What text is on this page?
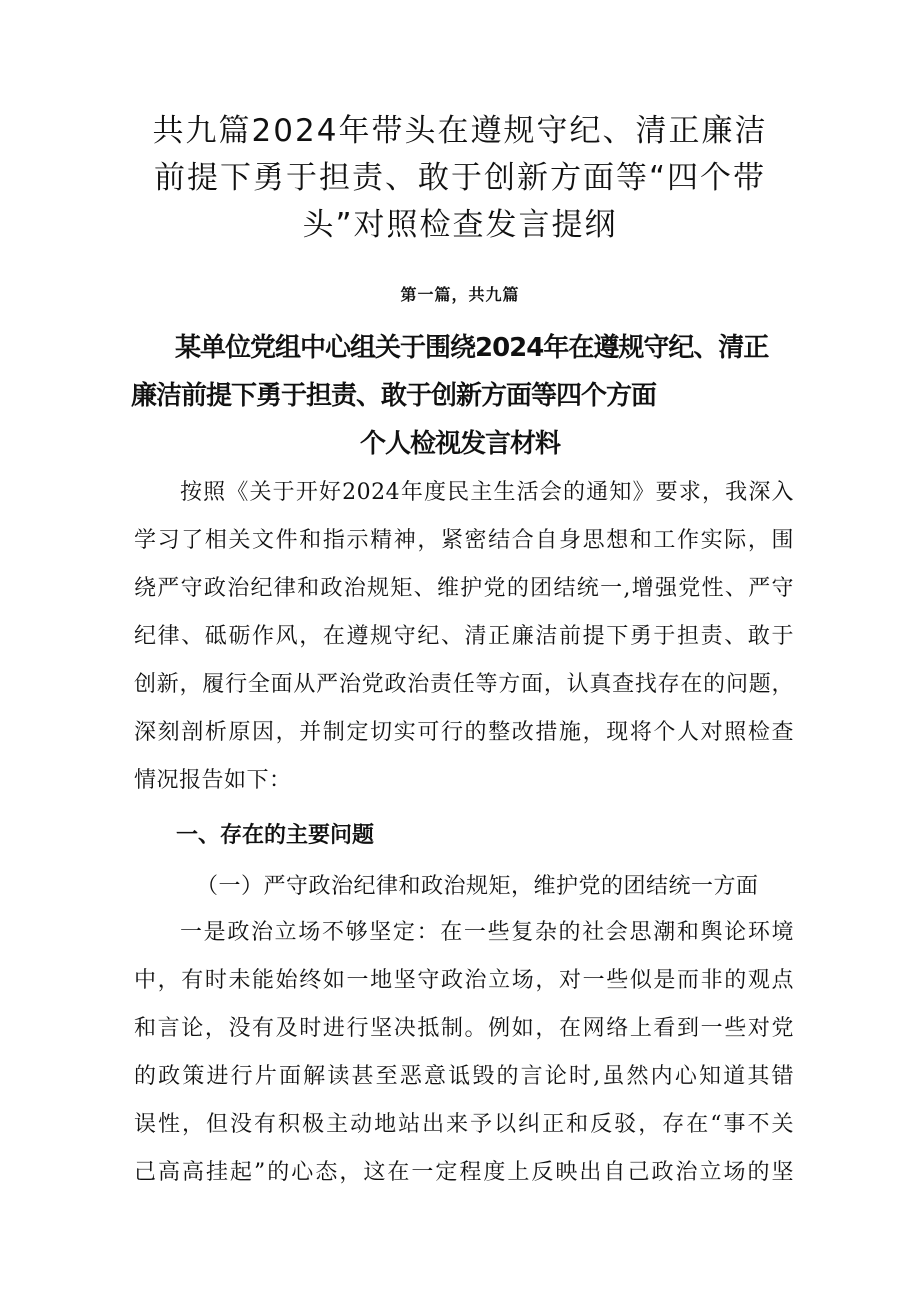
共九篇2024年带头在遵规守纪、清正廉洁
前提下勇于担责、敢于创新方面等“四个带
头”对照检查发言提纲
第一篇，共九篇
某单位党组中心组关于围绕2024年在遵规守纪、清正
廉洁前提下勇于担责、敢于创新方面等四个方面
个人检视发言材料
按照《关于开好2024年度民主生活会的通知》要求，我深入
学习了相关文件和指示精神，紧密结合自身思想和工作实际，围
绕严守政治纪律和政治规矩、维护党的团结统一,增强党性、严守
纪律、砥砺作风，在遵规守纪、清正廉洁前提下勇于担责、敢于
创新，履行全面从严治党政治责任等方面，认真查找存在的问题，
深刻剖析原因，并制定切实可行的整改措施，现将个人对照检查
情况报告如下：
一、存在的主要问题
（一）严守政治纪律和政治规矩，维护党的团结统一方面
一是政治立场不够坚定：在一些复杂的社会思潮和舆论环境
中，有时未能始终如一地坚守政治立场，对一些似是而非的观点
和言论，没有及时进行坚决抵制。例如，在网络上看到一些对党
的政策进行片面解读甚至恶意诋毁的言论时,虽然内心知道其错
误性，但没有积极主动地站出来予以纠正和反驳，存在“事不关
己高高挂起”的心态，这在一定程度上反映出自己政治立场的坚
